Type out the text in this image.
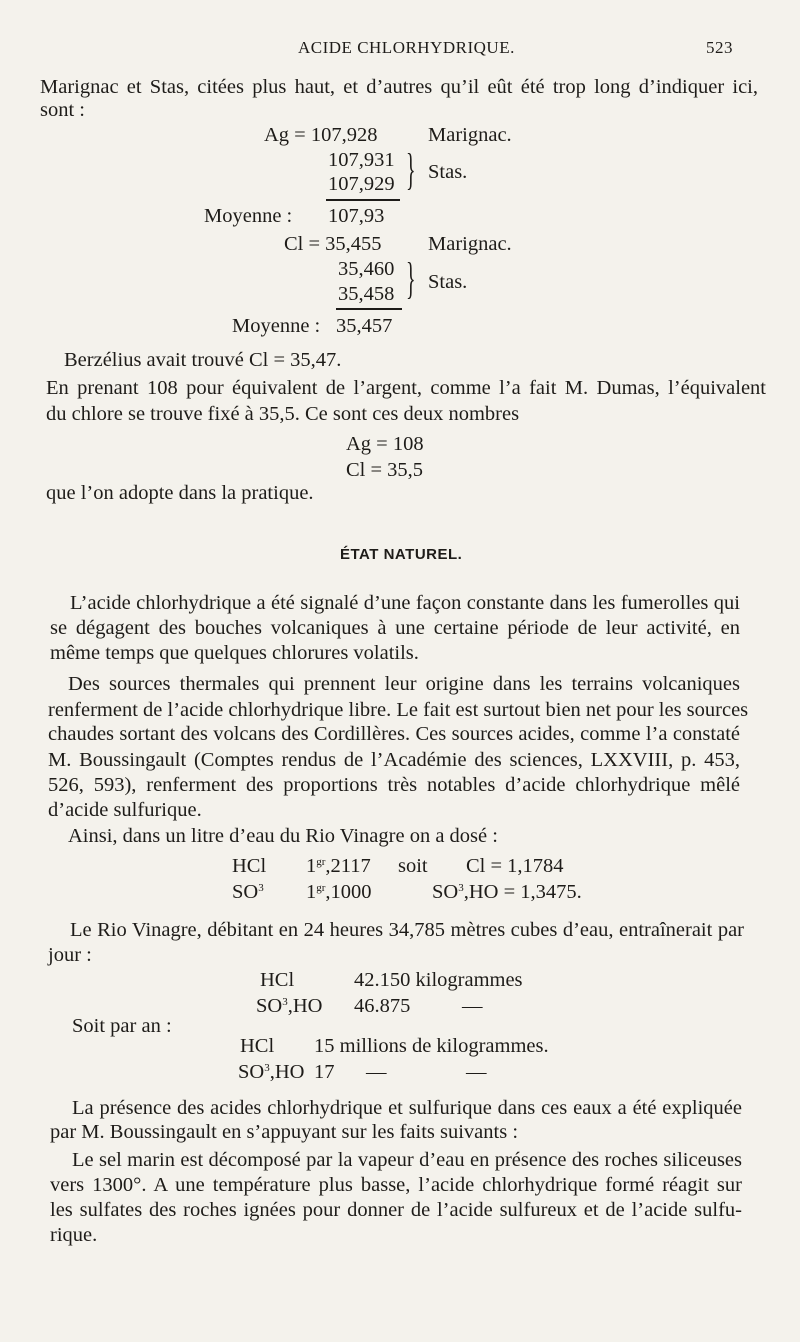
ACIDE CHLORHYDRIQUE.	523
Marignac et Stas, citées plus haut, et d’autres qu’il eût été trop long d’indiquer ici,
sont :
Ag = 107,928 Marignac.
107,931
107,929 } Stas.
Moyenne : 107,93
Cl = 35,455 Marignac.
35,460
35,458 } Stas.
Moyenne : 35,457
Berzélius avait trouvé Cl = 35,47.
En prenant 108 pour équivalent de l’argent, comme l’a fait M. Dumas, l’équivalent
du chlore se trouve fixé à 35,5. Ce sont ces deux nombres
Ag = 108
Cl = 35,5
que l’on adopte dans la pratique.
ÉTAT NATUREL.
L’acide chlorhydrique a été signalé d’une façon constante dans les fumerolles qui
se dégagent des bouches volcaniques à une certaine période de leur activité, en
même temps que quelques chlorures volatils.
Des sources thermales qui prennent leur origine dans les terrains volcaniques
renferment de l’acide chlorhydrique libre. Le fait est surtout bien net pour les sources
chaudes sortant des volcans des Cordillères. Ces sources acides, comme l’a constaté
M. Boussingault (Comptes rendus de l’Académie des sciences, LXXVIII, p. 453,
526, 593), renferment des proportions très notables d’acide chlorhydrique mêlé
d’acide sulfurique.
Ainsi, dans un litre d’eau du Rio Vinagre on a dosé :
HCl $1^{gr},2117$ soit Cl = 1,1784
$SO^3$ $1^{gr},1000$	$SO^3,HO = 1,3475$.
Le Rio Vinagre, débitant en 24 heures 34,785 mètres cubes d’eau, entraînerait par
jour :
HCl	42.150 kilogrammes
$SO^3,HO$ 46.875	—
Soit par an :
HCl 15 millions de kilogrammes.
$SO^3,HO$ 17 —	—
La présence des acides chlorhydrique et sulfurique dans ces eaux a été expliquée
par M. Boussingault en s’appuyant sur les faits suivants :
Le sel marin est décomposé par la vapeur d’eau en présence des roches siliceuses
vers 1300°. A une température plus basse, l’acide chlorhydrique formé réagit sur
les sulfates des roches ignées pour donner de l’acide sulfureux et de l’acide sulfu-
rique.
